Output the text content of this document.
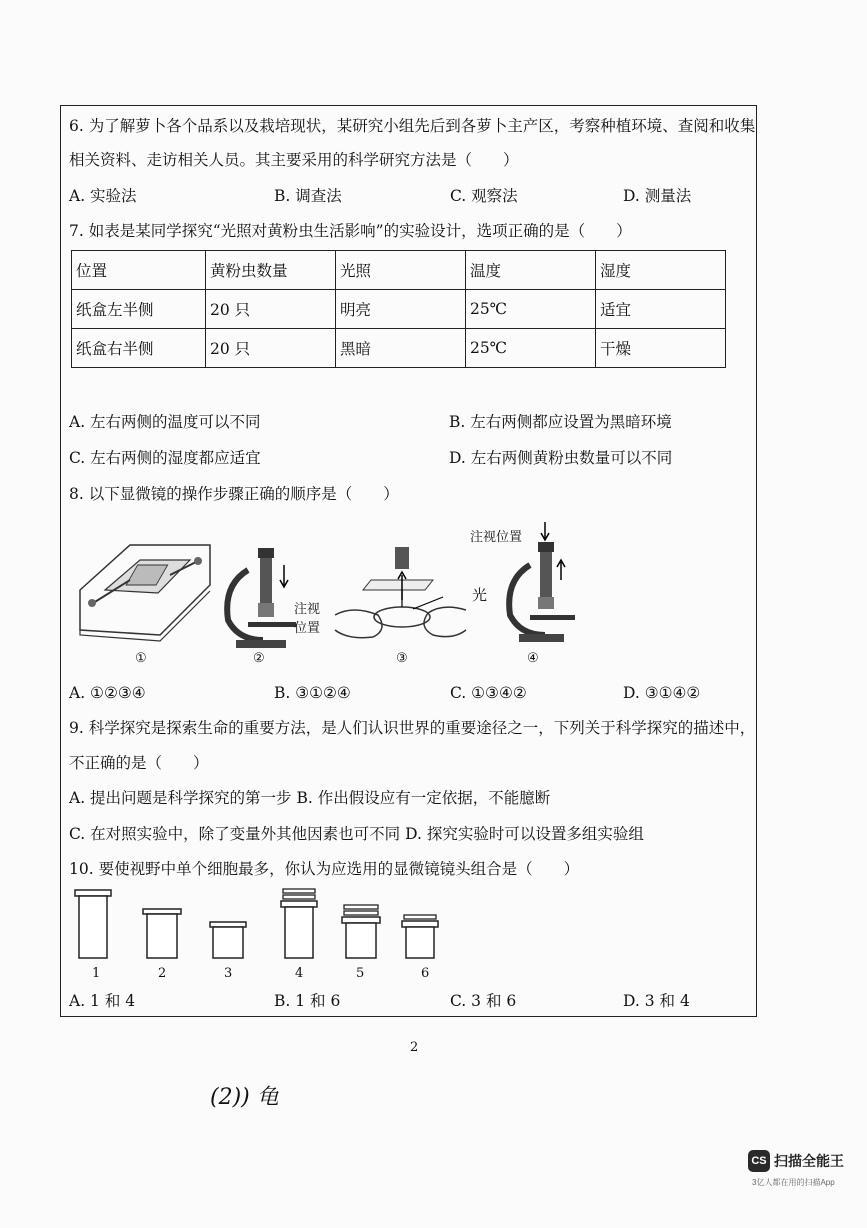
6. 为了解萝卜各个品系以及栽培现状，某研究小组先后到各萝卜主产区，考察种植环境、查阅和收集
相关资料、走访相关人员。其主要采用的科学研究方法是（　　）
A. 实验法	B. 调查法	C. 观察法	D. 测量法
7. 如表是某同学探究“光照对黄粉虫生活影响”的实验设计，选项正确的是（　　）
位置	黄粉虫数量	光照	温度	湿度
纸盒左半侧	20 只	明亮	25℃	适宜
纸盒右半侧	20 只	黑暗	25℃	干燥
A. 左右两侧的温度可以不同	B. 左右两侧都应设置为黑暗环境
C. 左右两侧的湿度都应适宜	D. 左右两侧黄粉虫数量可以不同
8. 以下显微镜的操作步骤正确的顺序是（　　）
注视
位置
光
注视位置
①	②	③	④
A. ①②③④	B. ③①②④	C. ①③④②	D. ③①④②
9. 科学探究是探索生命的重要方法，是人们认识世界的重要途径之一，下列关于科学探究的描述中，
不正确的是（　　）
A. 提出问题是科学探究的第一步 B. 作出假设应有一定依据，不能臆断
C. 在对照实验中，除了变量外其他因素也可不同 D. 探究实验时可以设置多组实验组
10. 要使视野中单个细胞最多，你认为应选用的显微镜镜头组合是（　　）
1	2	3	4	5	6
A. 1 和 4	B. 1 和 6	C. 3 和 6	D. 3 和 4
2
(2)) 龟
CS 扫描全能王
3亿人都在用的扫描App
